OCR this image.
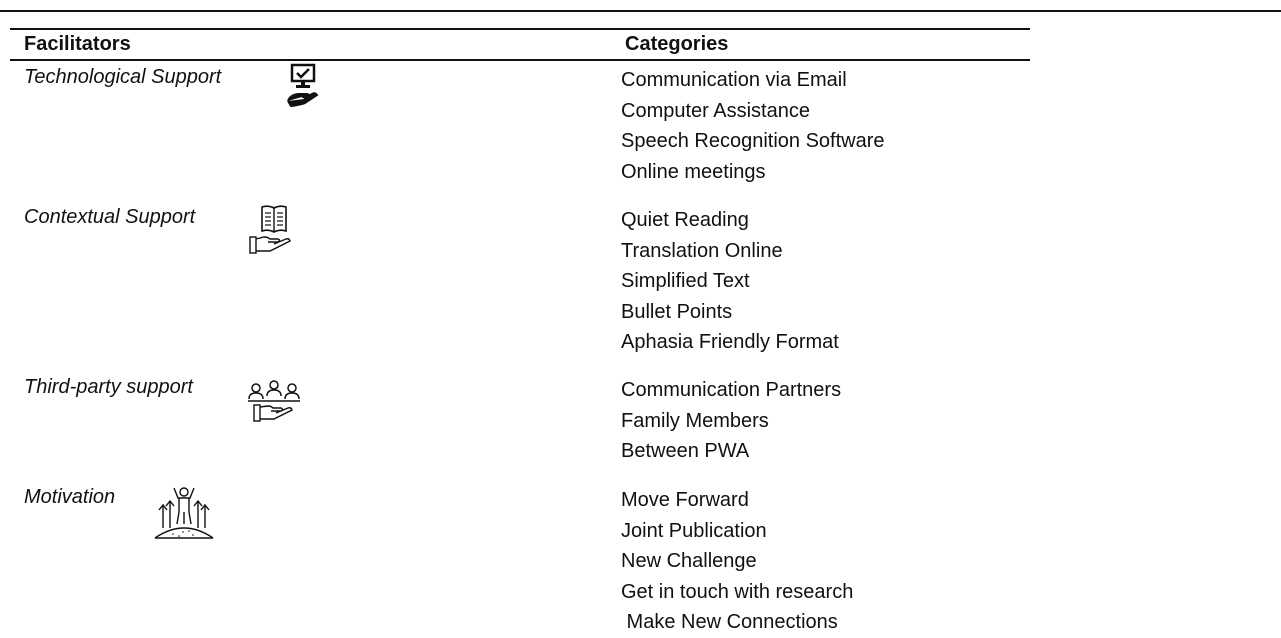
Facilitators	Categories
Technological Support	Communication via Email
Computer Assistance
Speech Recognition Software
Online meetings
Contextual Support	Quiet Reading
Translation Online
Simplified Text
Bullet Points
Aphasia Friendly Format
Third-party support	Communication Partners
Family Members
Between PWA
Motivation	Move Forward
Joint Publication
New Challenge
Get in touch with research
Make New Connections
